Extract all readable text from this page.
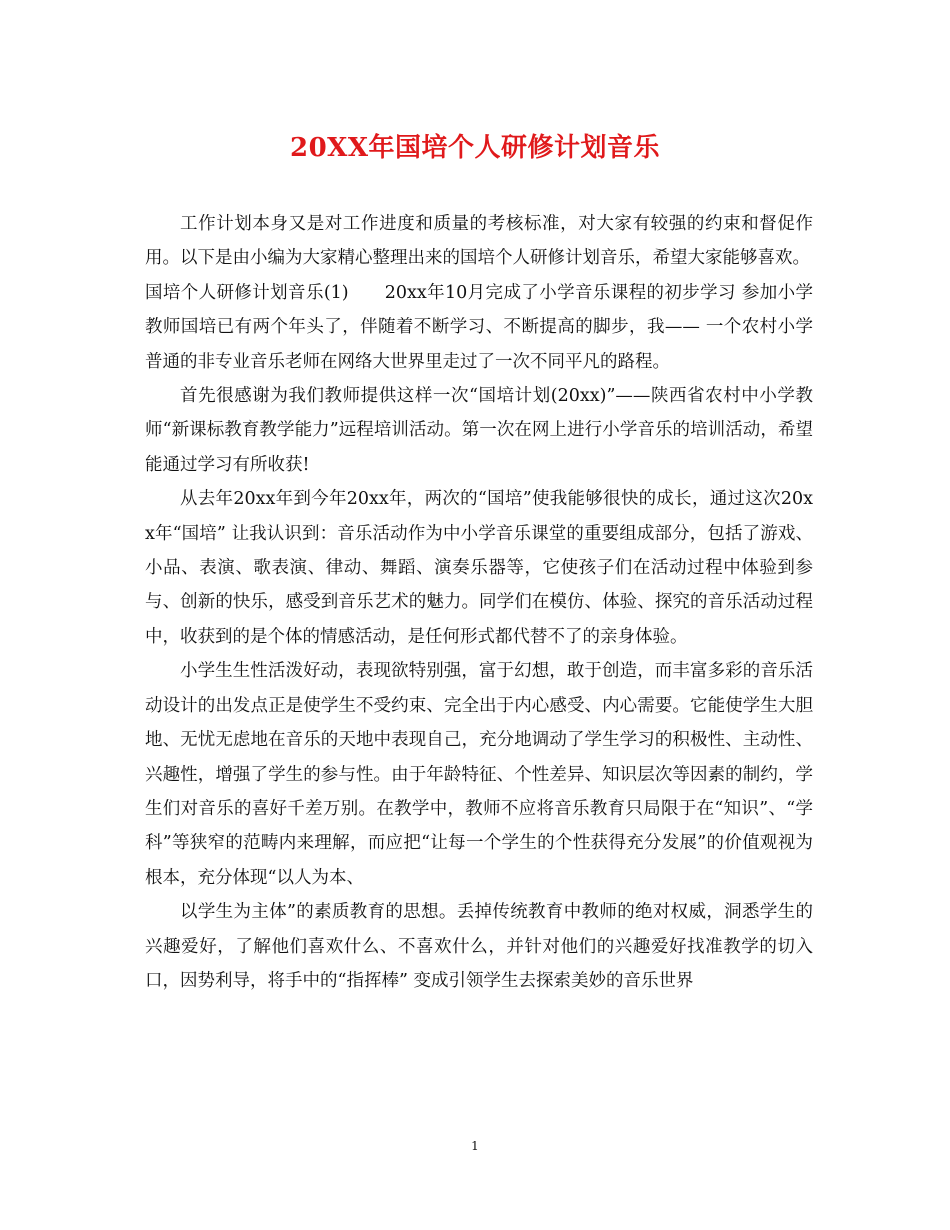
20XX年国培个人研修计划音乐

工作计划本身又是对工作进度和质量的考核标准，对大家有较强的约束和督促作用。以下是由小编为大家精心整理出来的国培个人研修计划音乐，希望大家能够喜欢。

国培个人研修计划音乐(1)　　20xx年10月完成了小学音乐课程的初步学习 参加小学教师国培已有两个年头了，伴随着不断学习、不断提高的脚步，我—— 一个农村小学普通的非专业音乐老师在网络大世界里走过了一次不同平凡的路程。

首先很感谢为我们教师提供这样一次“国培计划(20xx)”——陕西省农村中小学教师“新课标教育教学能力”远程培训活动。第一次在网上进行小学音乐的培训活动，希望能通过学习有所收获!

从去年20xx年到今年20xx年，两次的“国培”使我能够很快的成长，通过这次20xx年“国培” 让我认识到：音乐活动作为中小学音乐课堂的重要组成部分，包括了游戏、小品、表演、歌表演、律动、舞蹈、演奏乐器等，它使孩子们在活动过程中体验到参与、创新的快乐，感受到音乐艺术的魅力。同学们在模仿、体验、探究的音乐活动过程中，收获到的是个体的情感活动，是任何形式都代替不了的亲身体验。

小学生生性活泼好动，表现欲特别强，富于幻想，敢于创造，而丰富多彩的音乐活动设计的出发点正是使学生不受约束、完全出于内心感受、内心需要。它能使学生大胆地、无忧无虑地在音乐的天地中表现自己，充分地调动了学生学习的积极性、主动性、兴趣性，增强了学生的参与性。由于年龄特征、个性差异、知识层次等因素的制约，学生们对音乐的喜好千差万别。在教学中，教师不应将音乐教育只局限于在“知识”、“学科”等狭窄的范畴内来理解，而应把“让每一个学生的个性获得充分发展”的价值观视为根本，充分体现“以人为本、

以学生为主体”的素质教育的思想。丢掉传统教育中教师的绝对权威，洞悉学生的兴趣爱好，了解他们喜欢什么、不喜欢什么，并针对他们的兴趣爱好找准教学的切入口，因势利导，将手中的“指挥棒” 变成引领学生去探索美妙的音乐世界

1
